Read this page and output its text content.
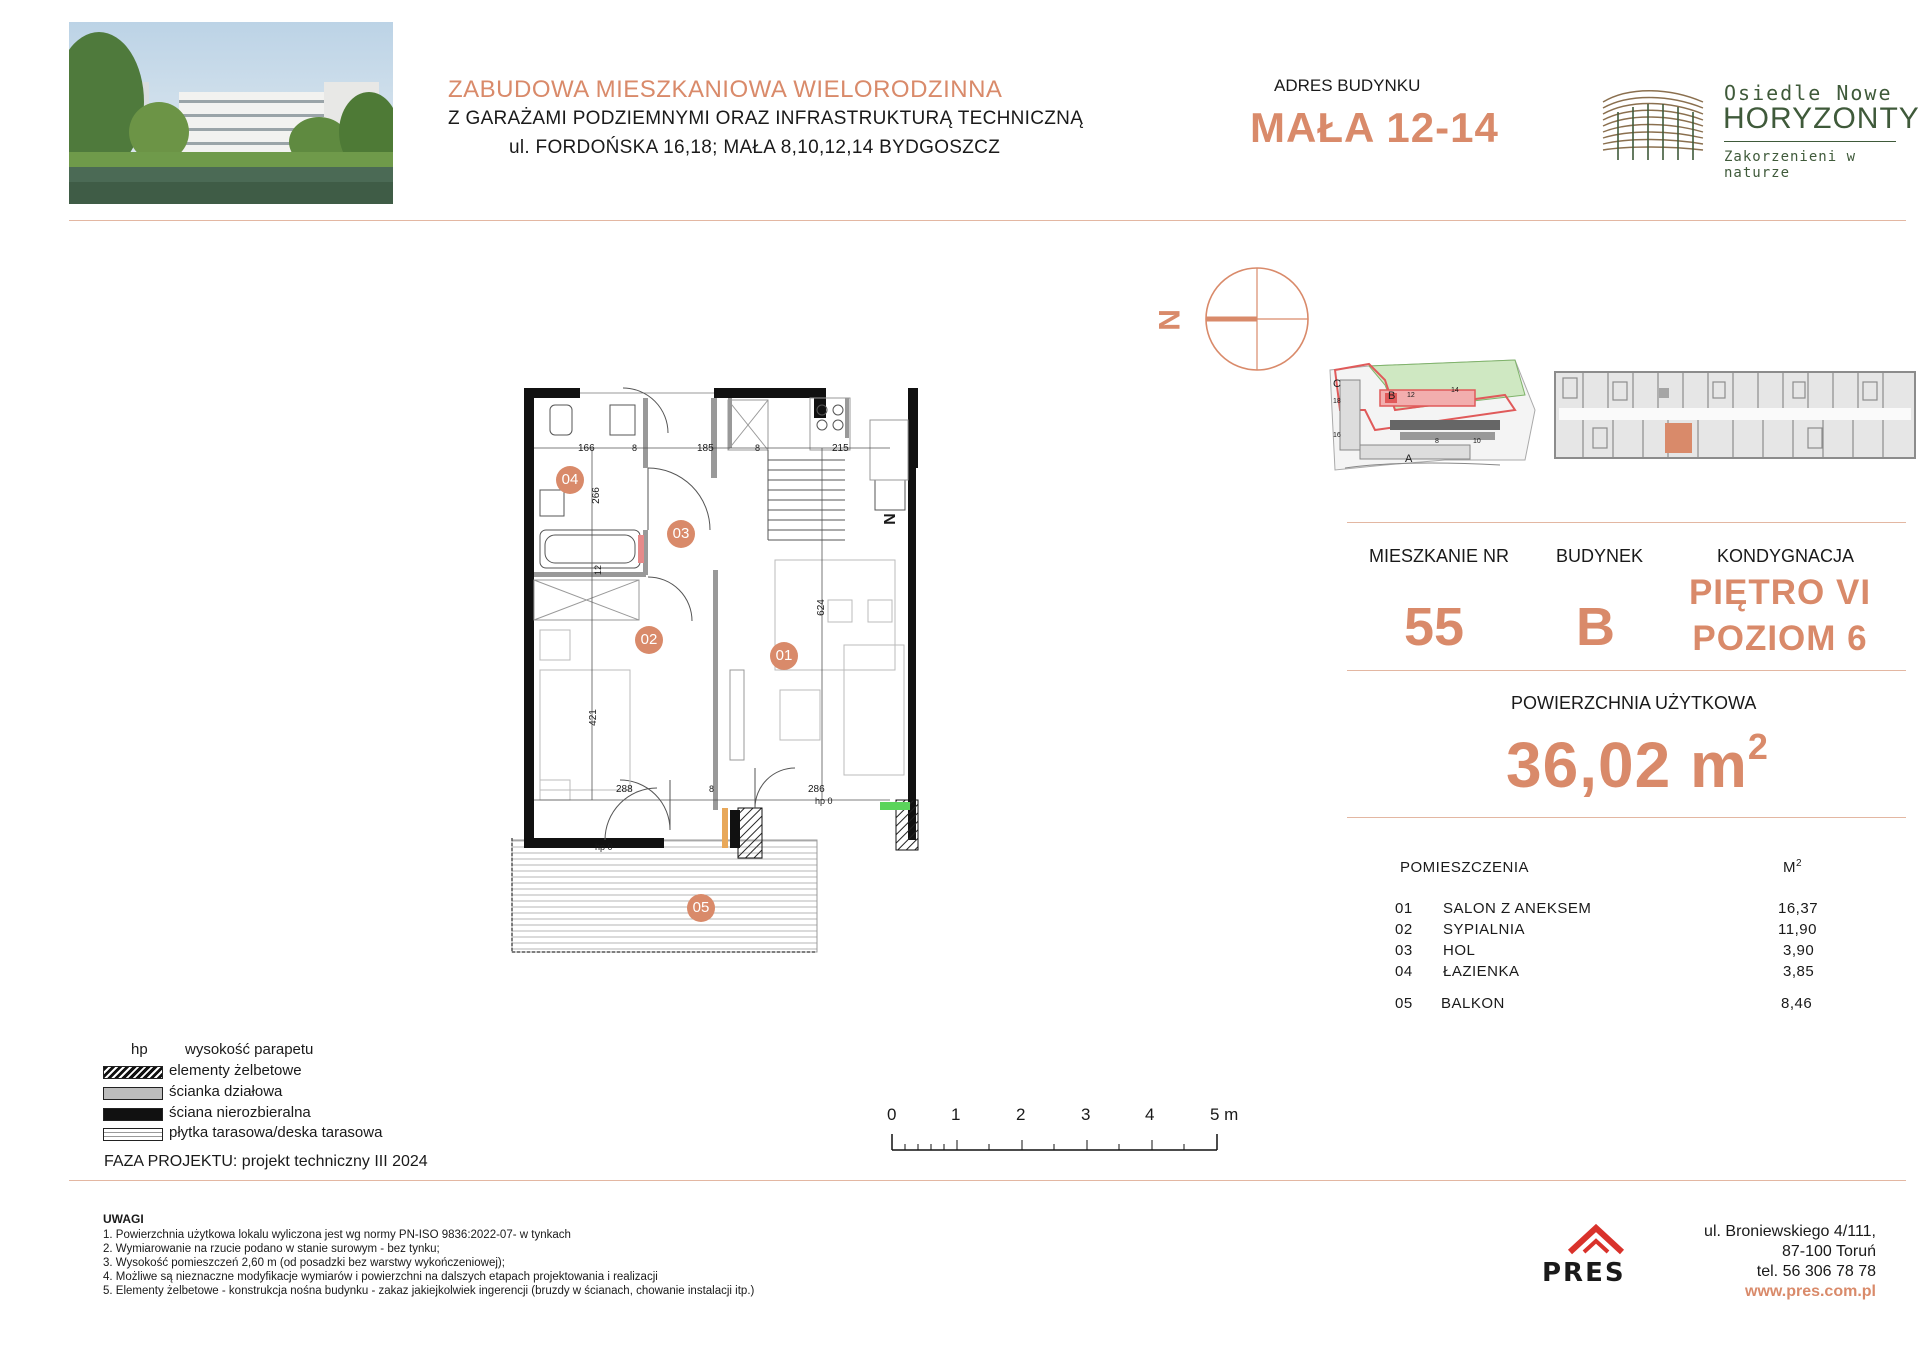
ZABUDOWA MIESZKANIOWA WIELORODZINNA
Z GARAŻAMI PODZIEMNYMI ORAZ INFRASTRUKTURĄ TECHNICZNĄ
ul. FORDOŃSKA 16,18; MAŁA 8,10,12,14 BYDGOSZCZ
ADRES BUDYNKU
MAŁA 12-14
Osiedle Nowe
HORYZONTY
Zakorzenieni w naturze
N
C
B
A
12
14
8	10
16
18
MIESZKANIE NR	BUDYNEK	KONDYGNACJA
55 B
PIĘTRO VI
POZIOM 6
POWIERZCHNIA UŻYTKOWA
36,02 $m^2$
POMIESZCZENIA	$M^2$
01 SALON Z ANEKSEM	16,37
02 SYPIALNIA	11,90
03 HOL	3,90
04 ŁAZIENKA	3,85
05 BALKON	8,46
04
03
02
01
05
166	8	185	8	215
266
12
624
421
288	8	286
hp 0
hp 0
N
hp wysokość parapetu
elementy żelbetowe
ścianka działowa
ściana nierozbieralna
płytka tarasowa/deska tarasowa
FAZA PROJEKTU: projekt techniczny III 2024
0	1	2	3	4	5 m
UWAGI
1. Powierzchnia użytkowa lokalu wyliczona jest wg normy PN-ISO 9836:2022-07- w tynkach
2. Wymiarowanie na rzucie podano w stanie surowym - bez tynku;
3. Wysokość pomieszczeń 2,60 m (od posadzki bez warstwy wykończeniowej);
4. Możliwe są nieznaczne modyfikacje wymiarów i powierzchni na dalszych etapach projektowania i realizacji
5. Elementy żelbetowe - konstrukcja nośna budynku - zakaz jakiejkolwiek ingerencji (bruzdy w ścianach, chowanie instalacji itp.)
PRES
ul. Broniewskiego 4/111,
87-100 Toruń
tel. 56 306 78 78
www.pres.com.pl
